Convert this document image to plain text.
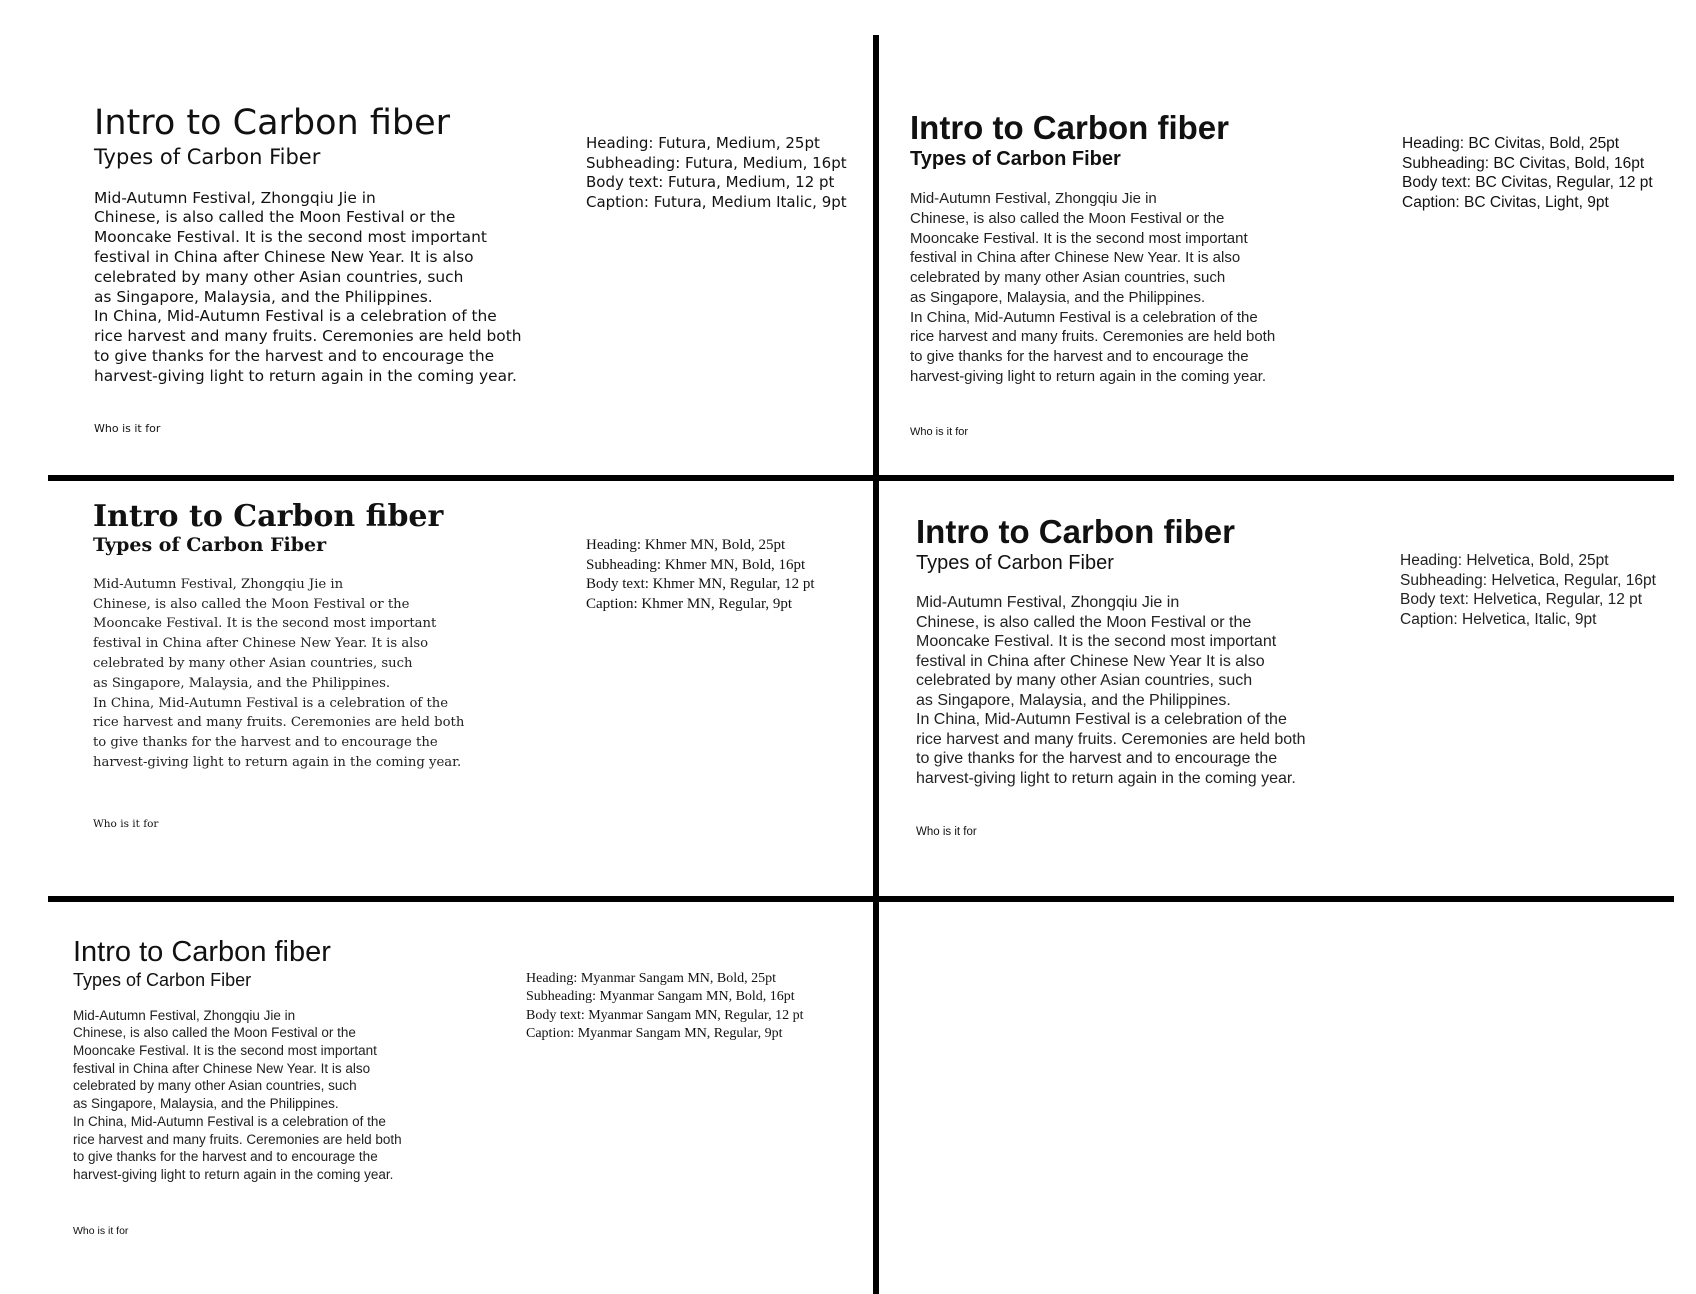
Intro to Carbon fiber
Types of Carbon Fiber

Mid-Autumn Festival, Zhongqiu Jie in
Chinese, is also called the Moon Festival or the
Mooncake Festival. It is the second most important
festival in China after Chinese New Year. It is also
celebrated by many other Asian countries, such
as Singapore, Malaysia, and the Philippines.
In China, Mid-Autumn Festival is a celebration of the
rice harvest and many fruits. Ceremonies are held both
to give thanks for the harvest and to encourage the
harvest-giving light to return again in the coming year.

Who is it for

Heading: Futura, Medium, 25pt
Subheading: Futura, Medium, 16pt
Body text: Futura, Medium, 12 pt
Caption: Futura, Medium Italic, 9pt
Intro to Carbon fiber
Types of Carbon Fiber

Mid-Autumn Festival, Zhongqiu Jie in
Chinese, is also called the Moon Festival or the
Mooncake Festival. It is the second most important
festival in China after Chinese New Year. It is also
celebrated by many other Asian countries, such
as Singapore, Malaysia, and the Philippines.
In China, Mid-Autumn Festival is a celebration of the
rice harvest and many fruits. Ceremonies are held both
to give thanks for the harvest and to encourage the
harvest-giving light to return again in the coming year.

Who is it for

Heading: BC Civitas, Bold, 25pt
Subheading: BC Civitas, Bold, 16pt
Body text: BC Civitas, Regular, 12 pt
Caption: BC Civitas, Light, 9pt
Intro to Carbon fiber
Types of Carbon Fiber

Mid-Autumn Festival, Zhongqiu Jie in
Chinese, is also called the Moon Festival or the
Mooncake Festival. It is the second most important
festival in China after Chinese New Year. It is also
celebrated by many other Asian countries, such
as Singapore, Malaysia, and the Philippines.
In China, Mid-Autumn Festival is a celebration of the
rice harvest and many fruits. Ceremonies are held both
to give thanks for the harvest and to encourage the
harvest-giving light to return again in the coming year.

Who is it for

Heading: Khmer MN, Bold, 25pt
Subheading: Khmer MN, Bold, 16pt
Body text: Khmer MN, Regular, 12 pt
Caption: Khmer MN, Regular, 9pt
Intro to Carbon fiber
Types of Carbon Fiber

Mid-Autumn Festival, Zhongqiu Jie in
Chinese, is also called the Moon Festival or the
Mooncake Festival. It is the second most important
festival in China after Chinese New Year It is also
celebrated by many other Asian countries, such
as Singapore, Malaysia, and the Philippines.
In China, Mid-Autumn Festival is a celebration of the
rice harvest and many fruits. Ceremonies are held both
to give thanks for the harvest and to encourage the
harvest-giving light to return again in the coming year.

Who is it for

Heading: Helvetica, Bold, 25pt
Subheading: Helvetica, Regular, 16pt
Body text: Helvetica, Regular, 12 pt
Caption: Helvetica, Italic, 9pt
Intro to Carbon fiber
Types of Carbon Fiber

Mid-Autumn Festival, Zhongqiu Jie in
Chinese, is also called the Moon Festival or the
Mooncake Festival. It is the second most important
festival in China after Chinese New Year. It is also
celebrated by many other Asian countries, such
as Singapore, Malaysia, and the Philippines.
In China, Mid-Autumn Festival is a celebration of the
rice harvest and many fruits. Ceremonies are held both
to give thanks for the harvest and to encourage the
harvest-giving light to return again in the coming year.

Who is it for

Heading: Myanmar Sangam MN, Bold, 25pt
Subheading: Myanmar Sangam MN, Bold, 16pt
Body text: Myanmar Sangam MN, Regular, 12 pt
Caption: Myanmar Sangam MN, Regular, 9pt
